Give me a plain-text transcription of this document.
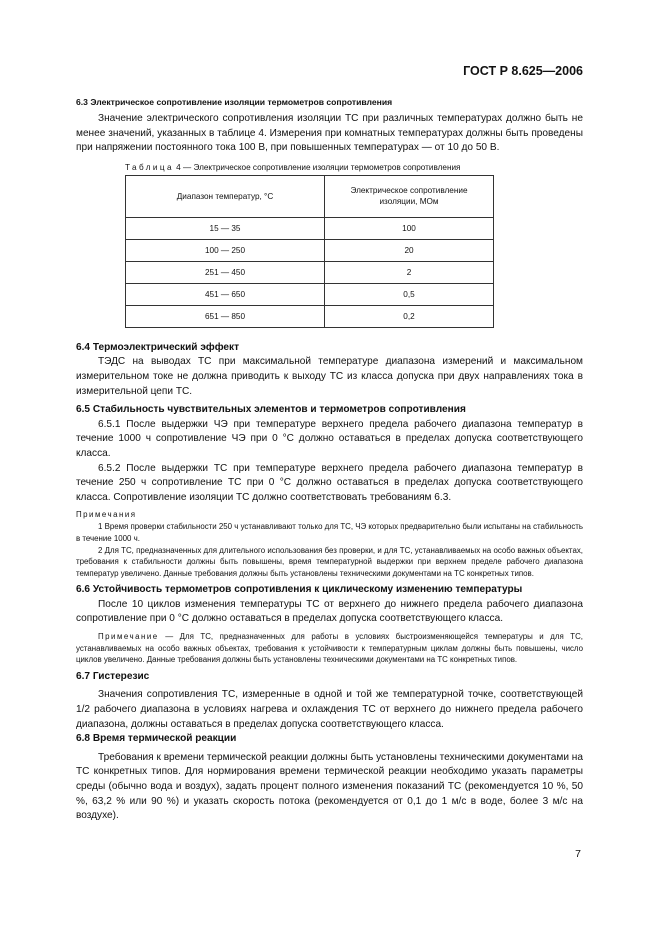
ГОСТ Р 8.625—2006

6.3 Электрическое сопротивление изоляции термометров сопротивления

Значение электрического сопротивления изоляции ТС при различных температурах должно быть не менее значений, указанных в таблице 4. Измерения при комнатных температурах должны быть проведены при напряжении постоянного тока 100 В, при повышенных температурах — от 10 до 50 В.

Таблица 4 — Электрическое сопротивление изоляции термометров сопротивления
Диапазон температур, °С	Электрическое сопротивление изоляции, МОм
15 — 35	100
100 — 250	20
251 — 450	2
451 — 650	0,5
651 — 850	0,2

6.4 Термоэлектрический эффект

ТЭДС на выводах ТС при максимальной температуре диапазона измерений и максимальном измерительном токе не должна приводить к выходу ТС из класса допуска при двух направлениях тока в измерительной цепи ТС.

6.5 Стабильность чувствительных элементов и термометров сопротивления

6.5.1 После выдержки ЧЭ при температуре верхнего предела рабочего диапазона температур в течение 1000 ч сопротивление ЧЭ при 0 °С должно оставаться в пределах допуска соответствующего класса.

6.5.2 После выдержки ТС при температуре верхнего предела рабочего диапазона температур в течение 250 ч сопротивление ТС при 0 °С должно оставаться в пределах допуска соответствующего класса. Сопротивление изоляции ТС должно соответствовать требованиям 6.3.

Примечания

1 Время проверки стабильности 250 ч устанавливают только для ТС, ЧЭ которых предварительно были испытаны на стабильность в течение 1000 ч.

2 Для ТС, предназначенных для длительного использования без проверки, и для ТС, устанавливаемых на особо важных объектах, требования к стабильности должны быть повышены, время температурной выдержки при верхнем пределе рабочего диапазона температур увеличено. Данные требования должны быть установлены техническими документами на ТС конкретных типов.

6.6 Устойчивость термометров сопротивления к циклическому изменению температуры

После 10 циклов изменения температуры ТС от верхнего до нижнего предела рабочего диапазона сопротивление при 0 °С должно оставаться в пределах допуска соответствующего класса.

Примечание — Для ТС, предназначенных для работы в условиях быстроизменяющейся температуры и для ТС, устанавливаемых на особо важных объектах, требования к устойчивости к температурным циклам должны быть повышены, число циклов увеличено. Данные требования должны быть установлены техническими документами на ТС конкретных типов.

6.7 Гистерезис

Значения сопротивления ТС, измеренные в одной и той же температурной точке, соответствующей 1/2 рабочего диапазона в условиях нагрева и охлаждения ТС от верхнего до нижнего предела рабочего диапазона, должны оставаться в пределах допуска соответствующего класса.

6.8 Время термической реакции

Требования к времени термической реакции должны быть установлены техническими документами на ТС конкретных типов. Для нормирования времени термической реакции необходимо указать параметры среды (обычно вода и воздух), задать процент полного изменения показаний ТС (рекомендуется 10 %, 50 %, 63,2 % или 90 %) и указать скорость потока (рекомендуется от 0,1 до 1 м/с в воде, более 3 м/с на воздухе).

7
